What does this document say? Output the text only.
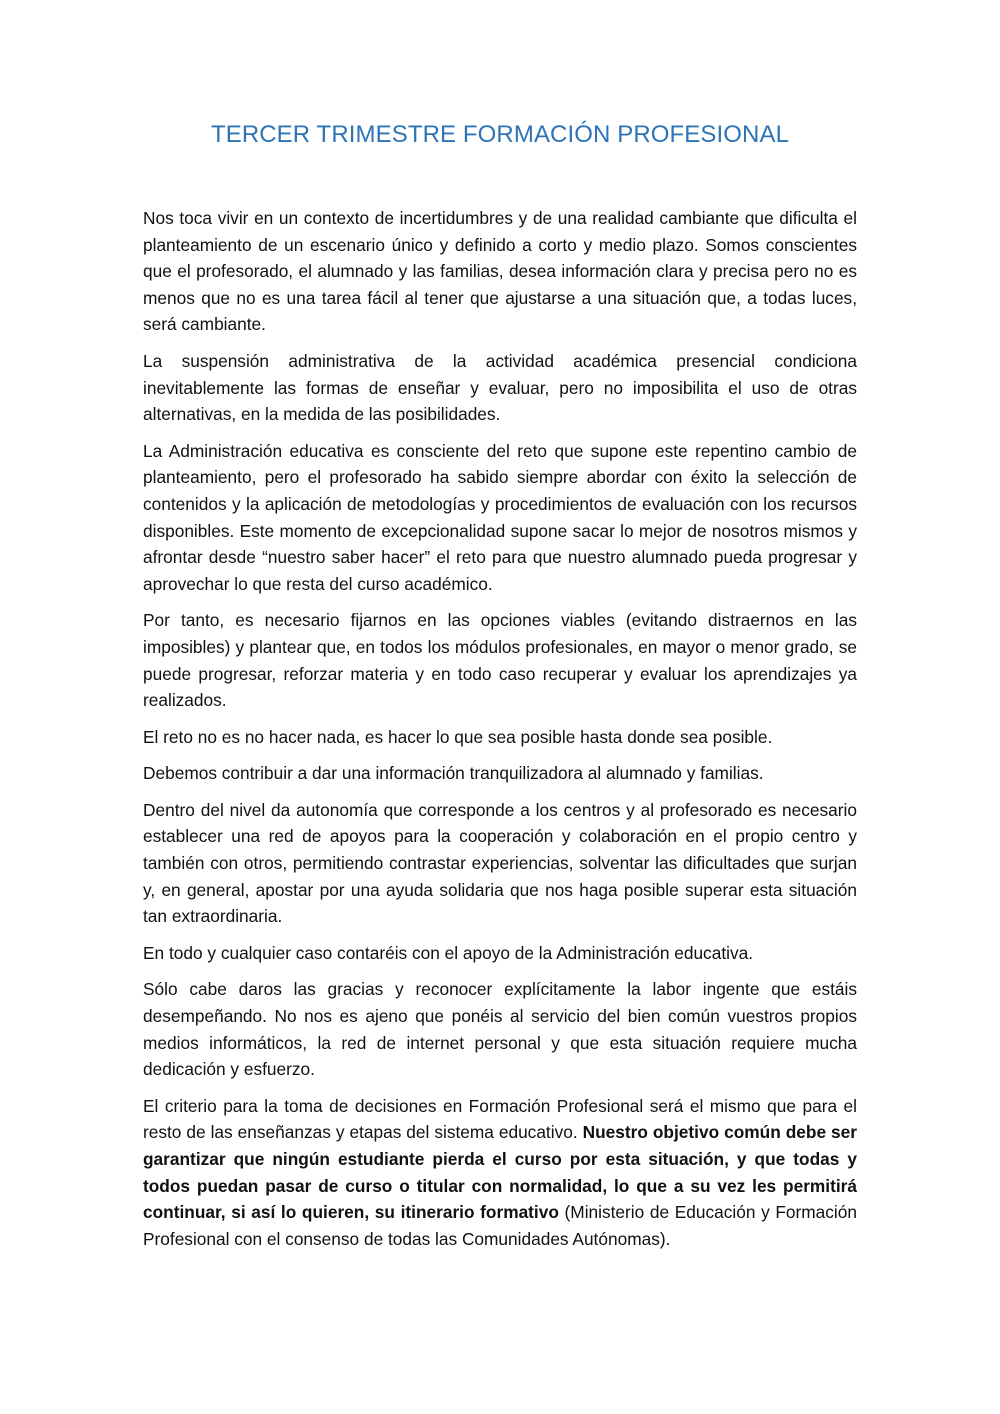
TERCER TRIMESTRE FORMACIÓN PROFESIONAL

Nos toca vivir en un contexto de incertidumbres y de una realidad cambiante que dificulta el planteamiento de un escenario único y definido a corto y medio plazo. Somos conscientes que el profesorado, el alumnado y las familias, desea información clara y precisa pero no es menos que no es una tarea fácil al tener que ajustarse a una situación que, a todas luces, será cambiante.

La suspensión administrativa de la actividad académica presencial condiciona inevitablemente las formas de enseñar y evaluar, pero no imposibilita el uso de otras alternativas, en la medida de las posibilidades.

La Administración educativa es consciente del reto que supone este repentino cambio de planteamiento, pero el profesorado ha sabido siempre abordar con éxito la selección de contenidos y la aplicación de metodologías y procedimientos de evaluación con los recursos disponibles. Este momento de excepcionalidad supone sacar lo mejor de nosotros mismos y afrontar desde “nuestro saber hacer” el reto para que nuestro alumnado pueda progresar y aprovechar lo que resta del curso académico.

Por tanto, es necesario fijarnos en las opciones viables (evitando distraernos en las imposibles) y plantear que, en todos los módulos profesionales, en mayor o menor grado, se puede progresar, reforzar materia y en todo caso recuperar y evaluar los aprendizajes ya realizados.

El reto no es no hacer nada, es hacer lo que sea posible hasta donde sea posible.

Debemos contribuir a dar una información tranquilizadora al alumnado y familias.

Dentro del nivel da autonomía que corresponde a los centros y al profesorado es necesario establecer una red de apoyos para la cooperación y colaboración en el propio centro y también con otros, permitiendo contrastar experiencias, solventar las dificultades que surjan y, en general, apostar por una ayuda solidaria que nos haga posible superar esta situación tan extraordinaria.

En todo y cualquier caso contaréis con el apoyo de la Administración educativa.

Sólo cabe daros las gracias y reconocer explícitamente la labor ingente que estáis desempeñando. No nos es ajeno que ponéis al servicio del bien común vuestros propios medios informáticos, la red de internet personal y que esta situación requiere mucha dedicación y esfuerzo.

El criterio para la toma de decisiones en Formación Profesional será el mismo que para el resto de las enseñanzas y etapas del sistema educativo. Nuestro objetivo común debe ser garantizar que ningún estudiante pierda el curso por esta situación, y que todas y todos puedan pasar de curso o titular con normalidad, lo que a su vez les permitirá continuar, si así lo quieren, su itinerario formativo (Ministerio de Educación y Formación Profesional con el consenso de todas las Comunidades Autónomas).
